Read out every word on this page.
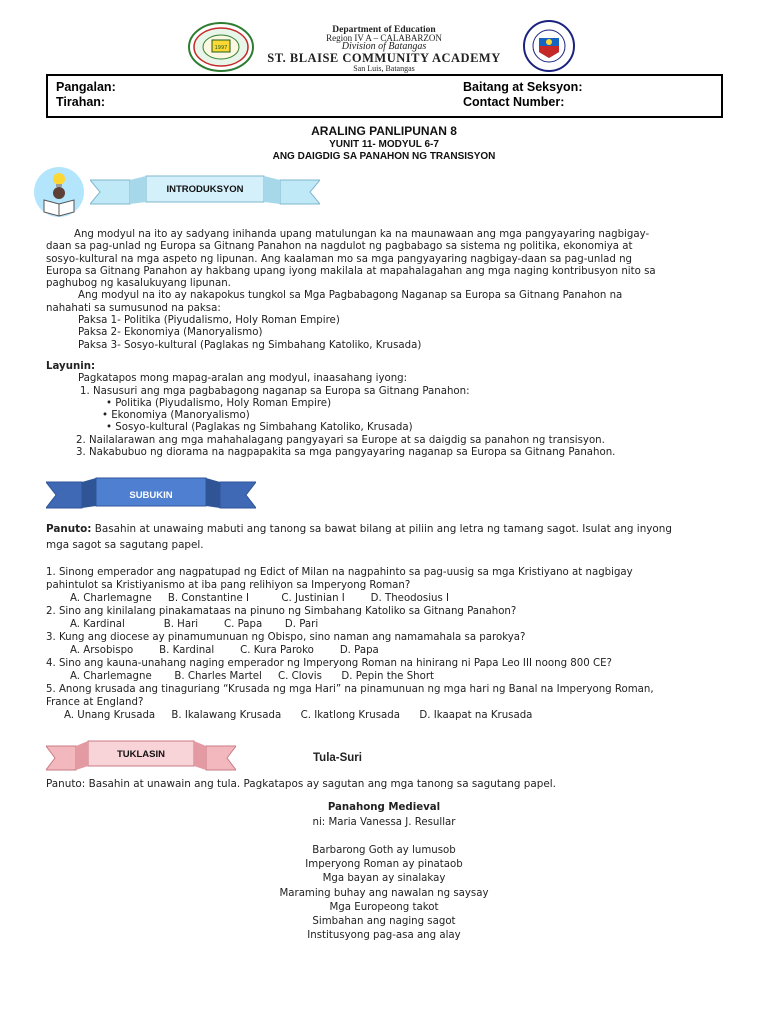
1997
Department of Education
Region IV A – CALABARZON
Division of Batangas
ST. BLAISE COMMUNITY ACADEMY
San Luis, Batangas
Pangalan:
Tirahan:
Baitang at Seksyon:
Contact Number:
ARALING PANLIPUNAN 8
YUNIT 11- MODYUL 6-7
ANG DAIGDIG SA PANAHON NG TRANSISYON
INTRODUKSYON
Ang modyul na ito ay sadyang inihanda upang matulungan ka na maunawaan ang mga pangyayaring nagbigay-
daan sa pag-unlad ng Europa sa Gitnang Panahon na nagdulot ng pagbabago sa sistema ng politika, ekonomiya at
sosyo-kultural na mga aspeto ng lipunan. Ang kaalaman mo sa mga pangyayaring nagbigay-daan sa pag-unlad ng
Europa sa Gitnang Panahon ay hakbang upang iyong makilala at mapahalagahan ang mga naging kontribusyon nito sa
paghubog ng kasalukuyang lipunan.
Ang modyul na ito ay nakapokus tungkol sa Mga Pagbabagong Naganap sa Europa sa Gitnang Panahon na
nahahati sa sumusunod na paksa:
Paksa 1- Politika (Piyudalismo, Holy Roman Empire)
Paksa 2- Ekonomiya (Manoryalismo)
Paksa 3- Sosyo-kultural (Paglakas ng Simbahang Katoliko, Krusada)
Layunin:
Pagkatapos mong mapag-aralan ang modyul, inaasahang iyong:
1. Nasusuri ang mga pagbabagong naganap sa Europa sa Gitnang Panahon:
• Politika (Piyudalismo, Holy Roman Empire)
• Ekonomiya (Manoryalismo)
• Sosyo-kultural (Paglakas ng Simbahang Katoliko, Krusada)
2. Nailalarawan ang mga mahahalagang pangyayari sa Europe at sa daigdig sa panahon ng transisyon.
3. Nakabubuo ng diorama na nagpapakita sa mga pangyayaring naganap sa Europa sa Gitnang Panahon.
SUBUKIN
Panuto: Basahin at unawaing mabuti ang tanong sa bawat bilang at piliin ang letra ng tamang sagot. Isulat ang inyong
mga sagot sa sagutang papel.
1. Sinong emperador ang nagpatupad ng Edict of Milan na nagpahinto sa pag-uusig sa mga Kristiyano at nagbigay
pahintulot sa Kristiyanismo at iba pang relihiyon sa Imperyong Roman?
A. Charlemagne     B. Constantine I          C. Justinian I        D. Theodosius I
2. Sino ang kinilalang pinakamataas na pinuno ng Simbahang Katoliko sa Gitnang Panahon?
A. Kardinal            B. Hari        C. Papa       D. Pari
3. Kung ang diocese ay pinamumunuan ng Obispo, sino naman ang namamahala sa parokya?
A. Arsobispo        B. Kardinal        C. Kura Paroko        D. Papa
4. Sino ang kauna-unahang naging emperador ng Imperyong Roman na hinirang ni Papa Leo III noong 800 CE?
A. Charlemagne       B. Charles Martel     C. Clovis      D. Pepin the Short
5. Anong krusada ang tinaguriang “Krusada ng mga Hari” na pinamunuan ng mga hari ng Banal na Imperyong Roman,
France at England?
A. Unang Krusada     B. Ikalawang Krusada      C. Ikatlong Krusada      D. Ikaapat na Krusada
TUKLASIN	Tula-Suri
Panuto: Basahin at unawain ang tula. Pagkatapos ay sagutan ang mga tanong sa sagutang papel.
Panahong Medieval
ni: Maria Vanessa J. Resullar
Barbarong Goth ay lumusob
Imperyong Roman ay pinataob
Mga bayan ay sinalakay
Maraming buhay ang nawalan ng saysay
Mga Europeong takot
Simbahan ang naging sagot
Institusyong pag-asa ang alay
